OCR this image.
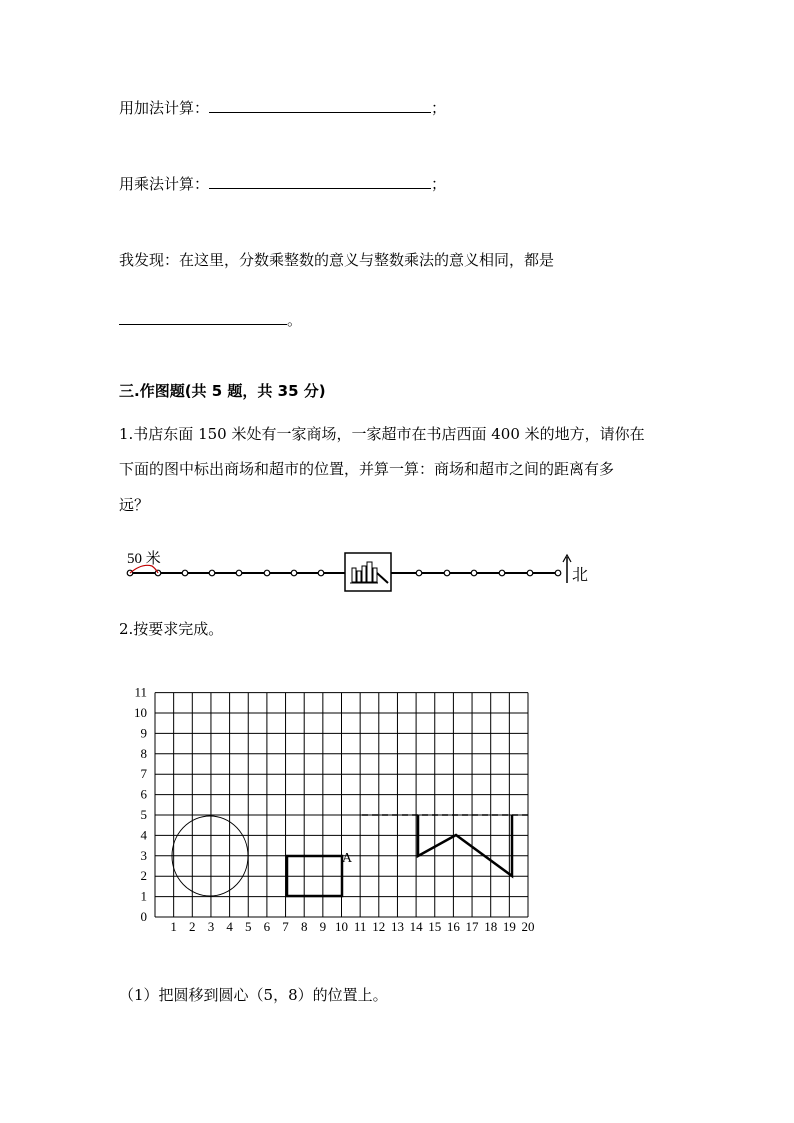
用加法计算：	；
用乘法计算：	；
我发现：在这里，分数乘整数的意义与整数乘法的意义相同，都是
。
三.作图题(共 5 题，共 35 分)
1.书店东面 150 米处有一家商场，一家超市在书店西面 400 米的地方，请你在
下面的图中标出商场和超市的位置，并算一算：商场和超市之间的距离有多
远？
50 米
北
2.按要求完成。
1 2 3 4 5 6 7 8 9 10 11 12 13 14 15 16 17 18 19 20
0
1
2
3
4
5
6
7
8
9
10
11
A
（1）把圆移到圆心（5，8）的位置上。
